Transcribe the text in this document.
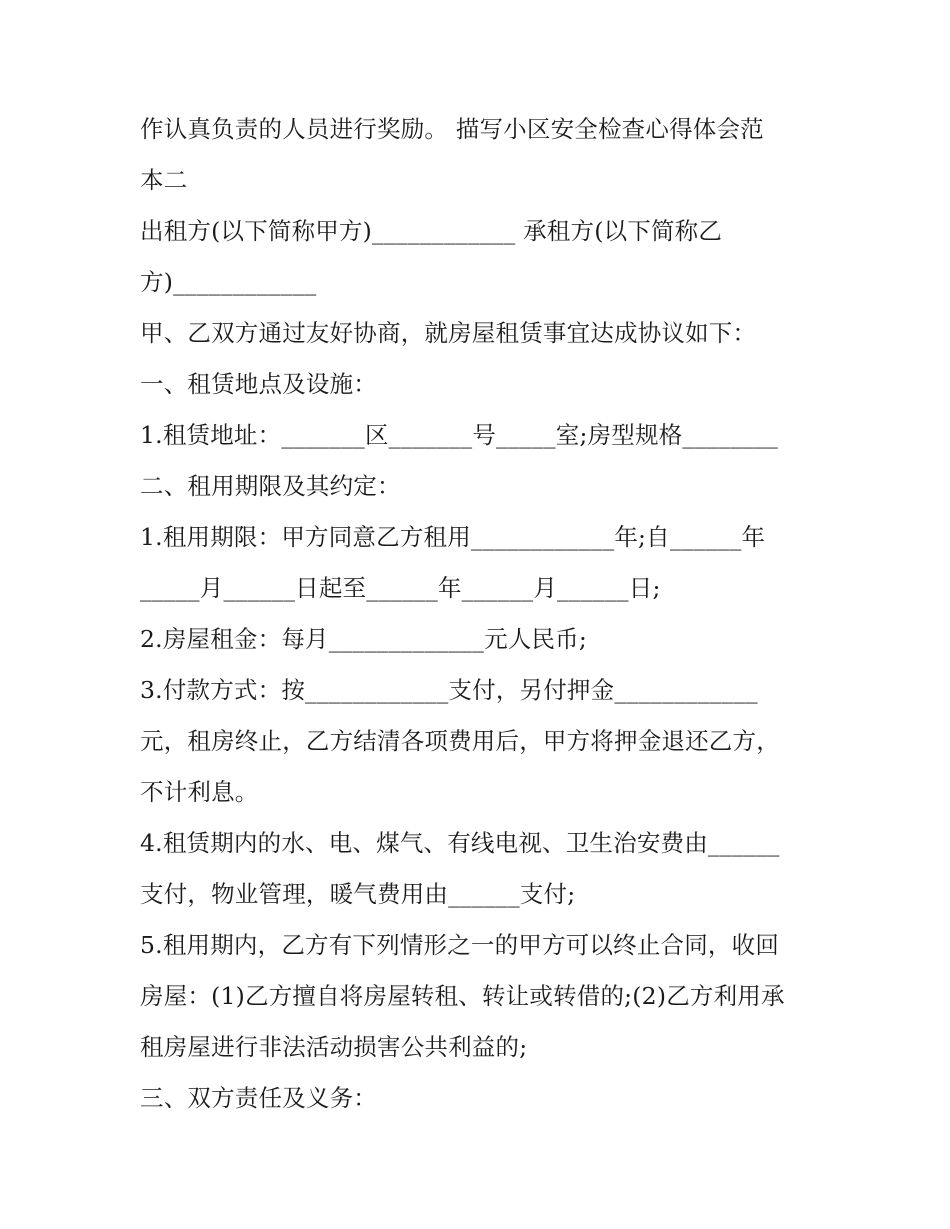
作认真负责的人员进行奖励。 描写小区安全检查心得体会范

本二

出租方(以下简称甲方)____________ 承租方(以下简称乙

方)____________

甲、乙双方通过友好协商，就房屋租赁事宜达成协议如下：

一、租赁地点及设施：

1.租赁地址：_______区_______号_____室;房型规格________

二、租用期限及其约定：

1.租用期限：甲方同意乙方租用____________年;自______年

_____月______日起至______年______月______日;

2.房屋租金：每月_____________元人民币;

3.付款方式：按____________支付，另付押金____________

元，租房终止，乙方结清各项费用后，甲方将押金退还乙方，

不计利息。

4.租赁期内的水、电、煤气、有线电视、卫生治安费由______

支付，物业管理，暖气费用由______支付;

5.租用期内，乙方有下列情形之一的甲方可以终止合同，收回

房屋：(1)乙方擅自将房屋转租、转让或转借的;(2)乙方利用承

租房屋进行非法活动损害公共利益的;

三、双方责任及义务：
